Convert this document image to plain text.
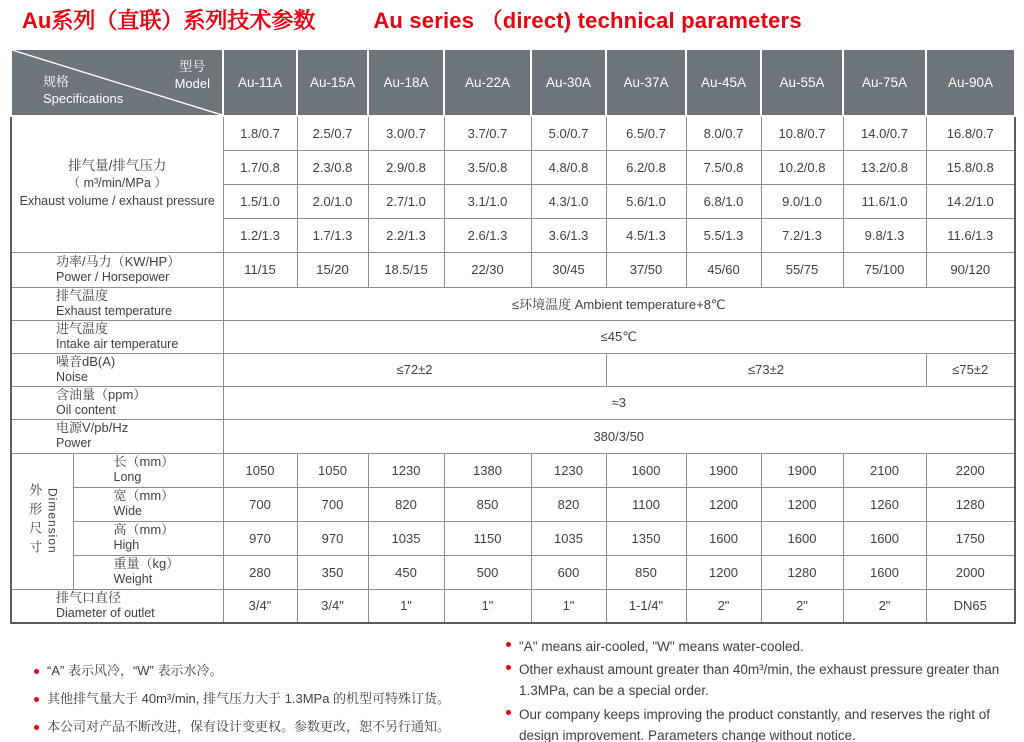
Au系列（直联）系列技术参数	Au series （direct) technical parameters
型号
Model
规格
Specifications		Au-11A	Au-15A	Au-18A	Au-22A	Au-30A	Au-37A	Au-45A	Au-55A	Au-75A	Au-90A

排气量/排气压力
（ m³/min/MPa ）
Exhaust volume / exhaust pressure		1.8/0.7	2.5/0.7	3.0/0.7	3.7/0.7	5.0/0.7	6.5/0.7	8.0/0.7	10.8/0.7	14.0/0.7	16.8/0.7
		1.7/0.8	2.3/0.8	2.9/0.8	3.5/0.8	4.8/0.8	6.2/0.8	7.5/0.8	10.2/0.8	13.2/0.8	15.8/0.8
		1.5/1.0	2.0/1.0	2.7/1.0	3.1/1.0	4.3/1.0	5.6/1.0	6.8/1.0	9.0/1.0	11.6/1.0	14.2/1.0
		1.2/1.3	1.7/1.3	2.2/1.3	2.6/1.3	3.6/1.3	4.5/1.3	5.5/1.3	7.2/1.3	9.8/1.3	11.6/1.3

功率/马力（KW/HP）
Power / Horsepower		11/15	15/20	18.5/15	22/30	30/45	37/50	45/60	55/75	75/100	90/120

排气温度
Exhaust temperature		≤环境温度 Ambient temperature+8℃									

进气温度
Intake air temperature		≤45℃									

噪音dB(A)
Noise		≤72±2					≤73±2				≤75±2

含油量（ppm）
Oil content		≈3									

电源V/pb/Hz
Power		380/3/50									

外形尺寸 Dimension

长（mm）
Long	1050	1050	1230	1380	1230	1600	1900	1900	2100	2200

	宽（mm）
Wide	700	700	820	850	820	1100	1200	1200	1260	1280

	高（mm）
High	970	970	1035	1150	1035	1350	1600	1600	1600	1750

	重量（kg）
Weight	280	350	450	500	600	850	1200	1280	1600	2000

排气口直径
Diameter of outlet		3/4"	3/4"	1"	1"	1"	1-1/4"	2"	2"	2"	DN65
“A” 表示风冷，“W” 表示水冷。
其他排气量大于 40m³/min, 排气压力大于 1.3MPa 的机型可特殊订货。
本公司对产品不断改进，保有设计变更权。参数更改，恕不另行通知。
"A" means air-cooled, "W" means water-cooled.
Other exhaust amount greater than 40m³/min, the exhaust pressure greater than 1.3MPa, can be a special order.
Our company keeps improving the product constantly, and reserves the right of design improvement. Parameters change without notice.
